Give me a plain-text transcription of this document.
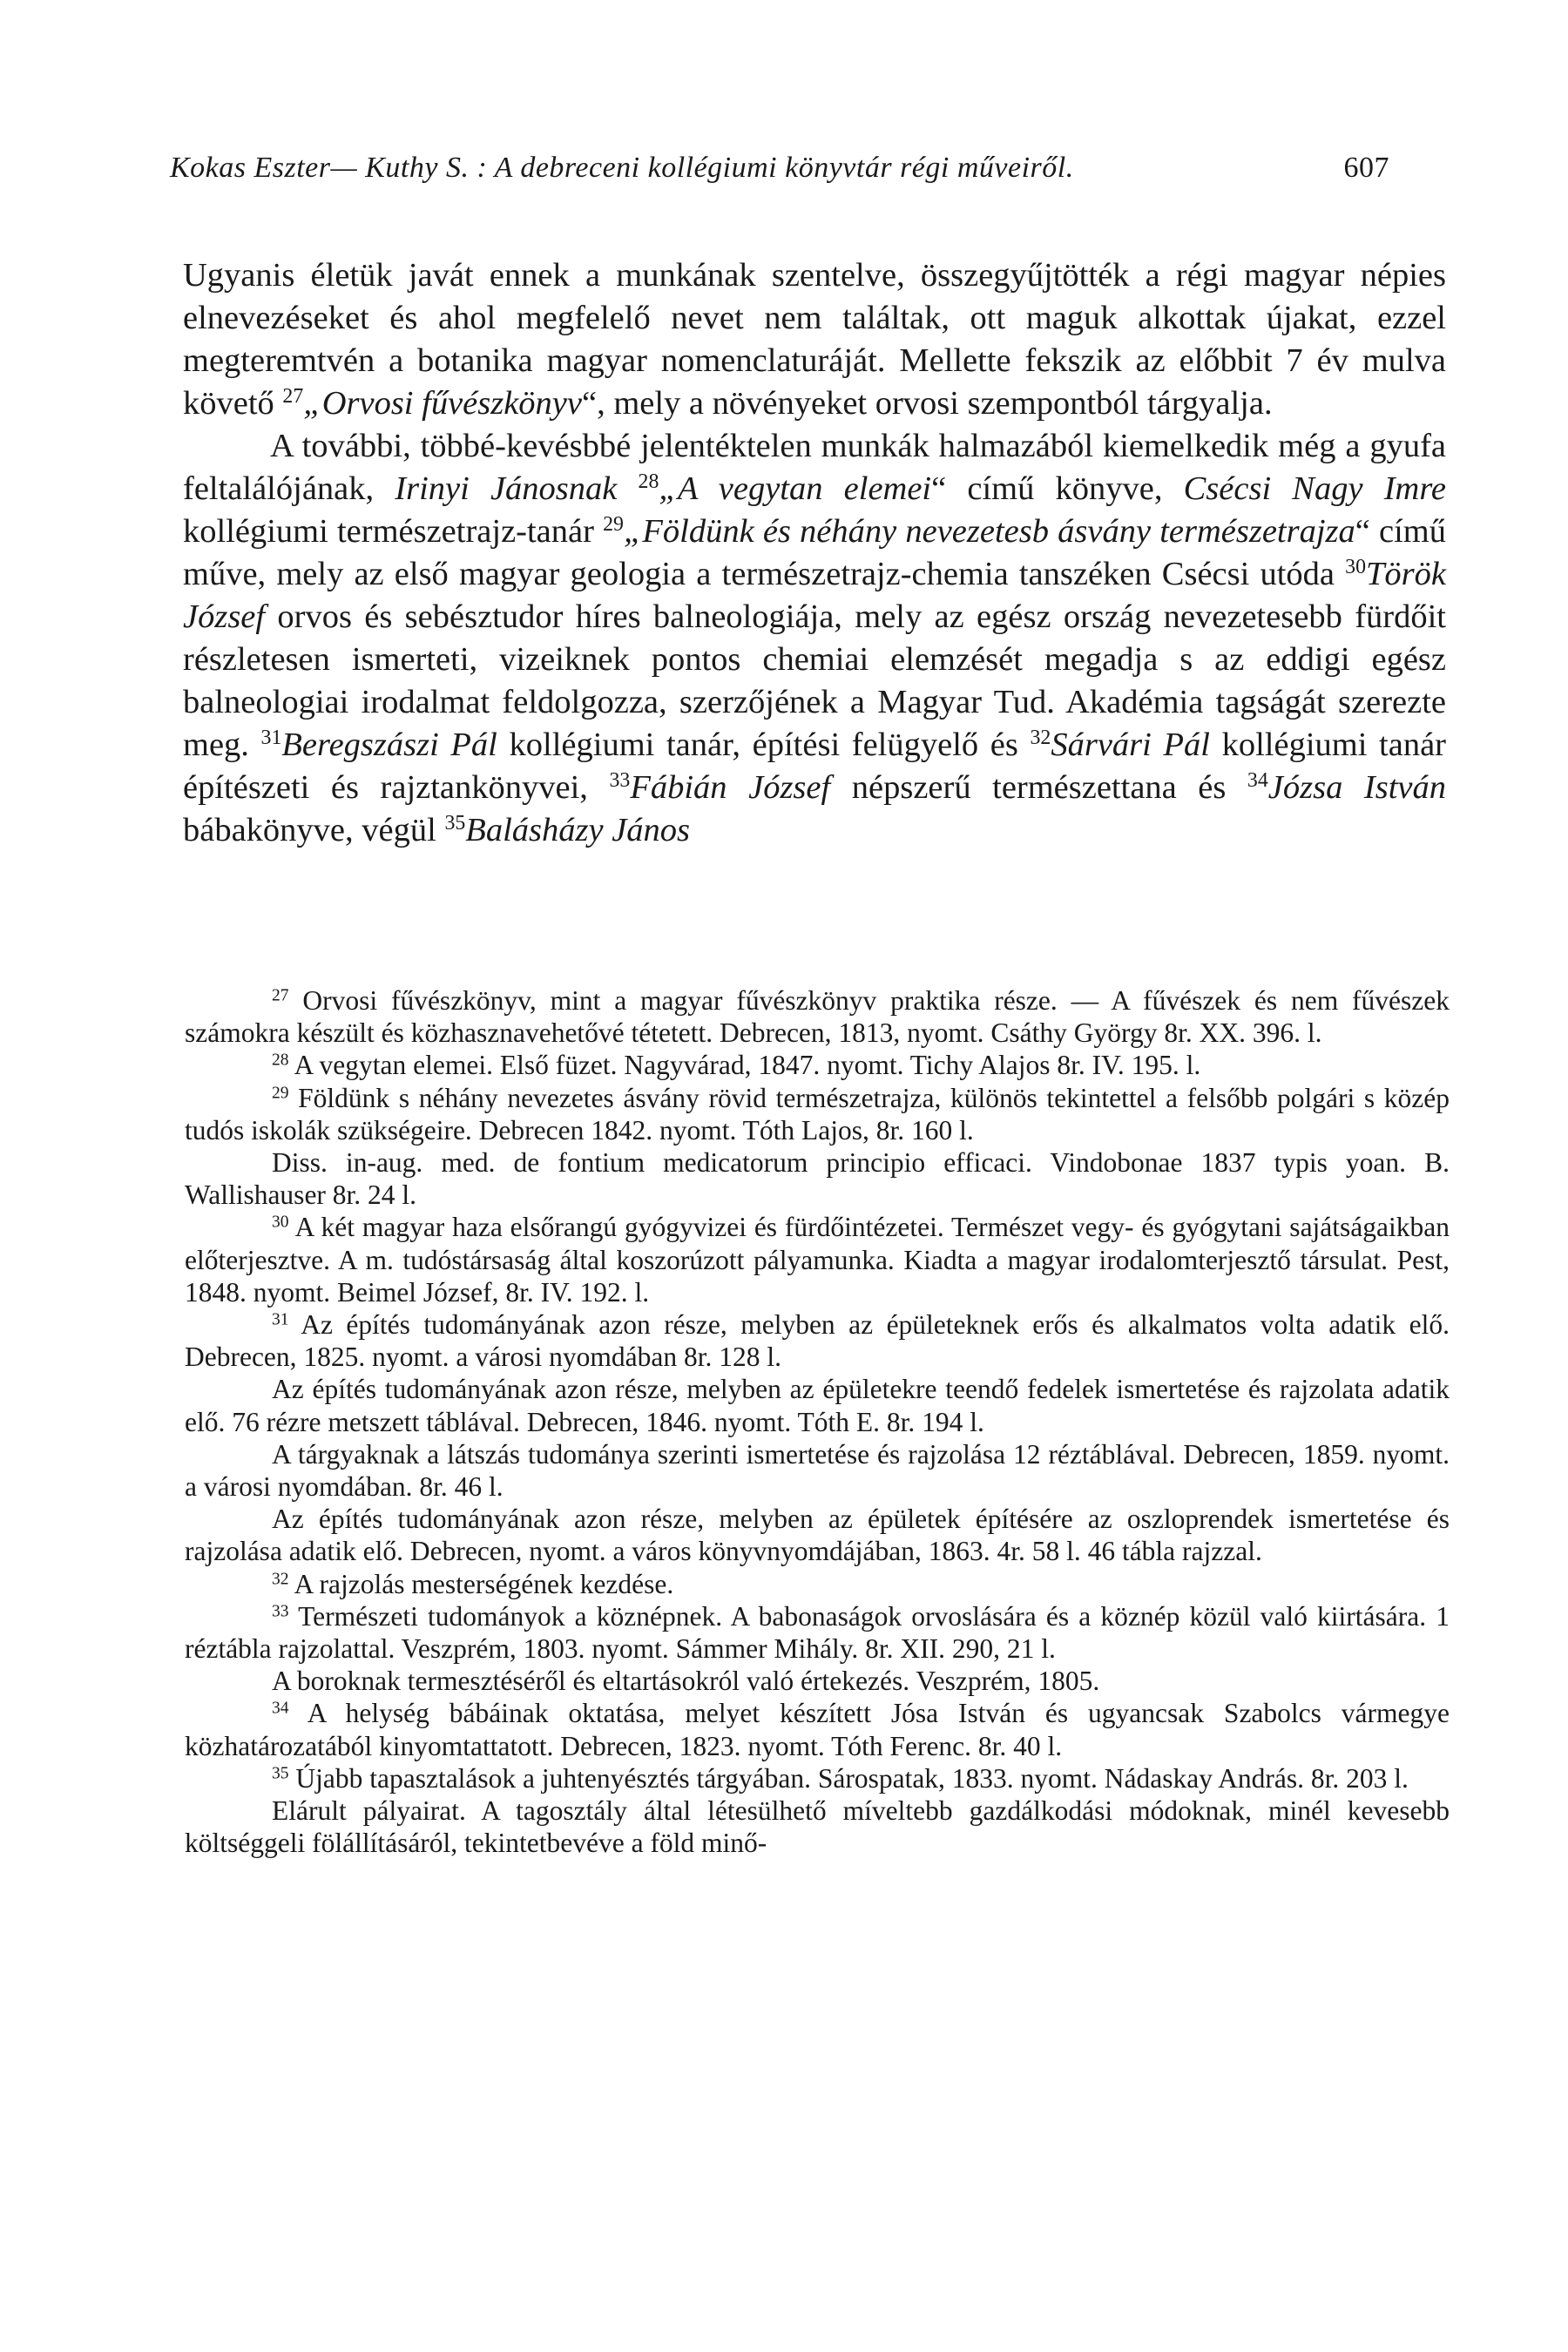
Kokas Eszter— Kuthy S. : A debreceni kollégiumi könyvtár régi műveiről.	607

Ugyanis életük javát ennek a munkának szentelve, összegyűjtötték a régi magyar népies elnevezéseket és ahol megfelelő nevet nem találtak, ott maguk alkottak újakat, ezzel megteremtvén a botanika magyar nomenclaturáját. Mellette fekszik az előbbit 7 év mulva követő $^{27}$„Orvosi fűvészkönyv“, mely a növényeket orvosi szempontból tárgyalja.

A további, többé-kevésbbé jelentéktelen munkák halmazából kiemelkedik még a gyufa feltalálójának, Irinyi Jánosnak $^{28}$„A vegytan elemei“ című könyve, Csécsi Nagy Imre kollégiumi természetrajz-tanár $^{29}$„Földünk és néhány nevezetesb ásvány természetrajza“ című műve, mely az első magyar geologia a természetrajz-chemia tanszéken Csécsi utóda $^{30}$Török József orvos és sebésztudor híres balneologiája, mely az egész ország nevezetesebb fürdőit részletesen ismerteti, vizeiknek pontos chemiai elemzését megadja s az eddigi egész balneologiai irodalmat feldolgozza, szerzőjének a Magyar Tud. Akadémia tagságát szerezte meg. $^{31}$Beregszászi Pál kollégiumi tanár, építési felügyelő és $^{32}$Sárvári Pál kollégiumi tanár építészeti és rajztankönyvei, $^{33}$Fábián József népszerű természettana és $^{34}$Józsa István bábakönyve, végül $^{35}$Balásházy János

$^{27}$ Orvosi fűvészkönyv, mint a magyar fűvészkönyv praktika része. — A fűvészek és nem fűvészek számokra készült és közhasznavehetővé tétetett. Debrecen, 1813, nyomt. Csáthy György 8r. XX. 396. l.

$^{28}$ A vegytan elemei. Első füzet. Nagyvárad, 1847. nyomt. Tichy Alajos 8r. IV. 195. l.

$^{29}$ Földünk s néhány nevezetes ásvány rövid természetrajza, különös tekintettel a felsőbb polgári s közép tudós iskolák szükségeire. Debrecen 1842. nyomt. Tóth Lajos, 8r. 160 l.

Diss. in-aug. med. de fontium medicatorum principio efficaci. Vindobonae 1837 typis yoan. B. Wallishauser 8r. 24 l.

$^{30}$ A két magyar haza elsőrangú gyógyvizei és fürdőintézetei. Természet vegy- és gyógytani sajátságaikban előterjesztve. A m. tudóstársaság által koszorúzott pályamunka. Kiadta a magyar irodalomterjesztő társulat. Pest, 1848. nyomt. Beimel József, 8r. IV. 192. l.

$^{31}$ Az építés tudományának azon része, melyben az épületeknek erős és alkalmatos volta adatik elő. Debrecen, 1825. nyomt. a városi nyomdában 8r. 128 l.

Az építés tudományának azon része, melyben az épületekre teendő fedelek ismertetése és rajzolata adatik elő. 76 rézre metszett táblával. Debrecen, 1846. nyomt. Tóth E. 8r. 194 l.

A tárgyaknak a látszás tudománya szerinti ismertetése és rajzolása 12 réztáblával. Debrecen, 1859. nyomt. a városi nyomdában. 8r. 46 l.

Az építés tudományának azon része, melyben az épületek építésére az oszloprendek ismertetése és rajzolása adatik elő. Debrecen, nyomt. a város könyvnyomdájában, 1863. 4r. 58 l. 46 tábla rajzzal.

$^{32}$ A rajzolás mesterségének kezdése.

$^{33}$ Természeti tudományok a köznépnek. A babonaságok orvoslására és a köznép közül való kiirtására. 1 réztábla rajzolattal. Veszprém, 1803. nyomt. Sámmer Mihály. 8r. XII. 290, 21 l.

A boroknak termesztéséről és eltartásokról való értekezés. Veszprém, 1805.

$^{34}$ A helység bábáinak oktatása, melyet készített Jósa István és ugyancsak Szabolcs vármegye közhatározatából kinyomtattatott. Debrecen, 1823. nyomt. Tóth Ferenc. 8r. 40 l.

$^{35}$ Újabb tapasztalások a juhtenyésztés tárgyában. Sárospatak, 1833. nyomt. Nádaskay András. 8r. 203 l.

Elárult pályairat. A tagosztály által létesülhető míveltebb gazdálkodási módoknak, minél kevesebb költséggeli fölállításáról, tekintetbevéve a föld minő-
